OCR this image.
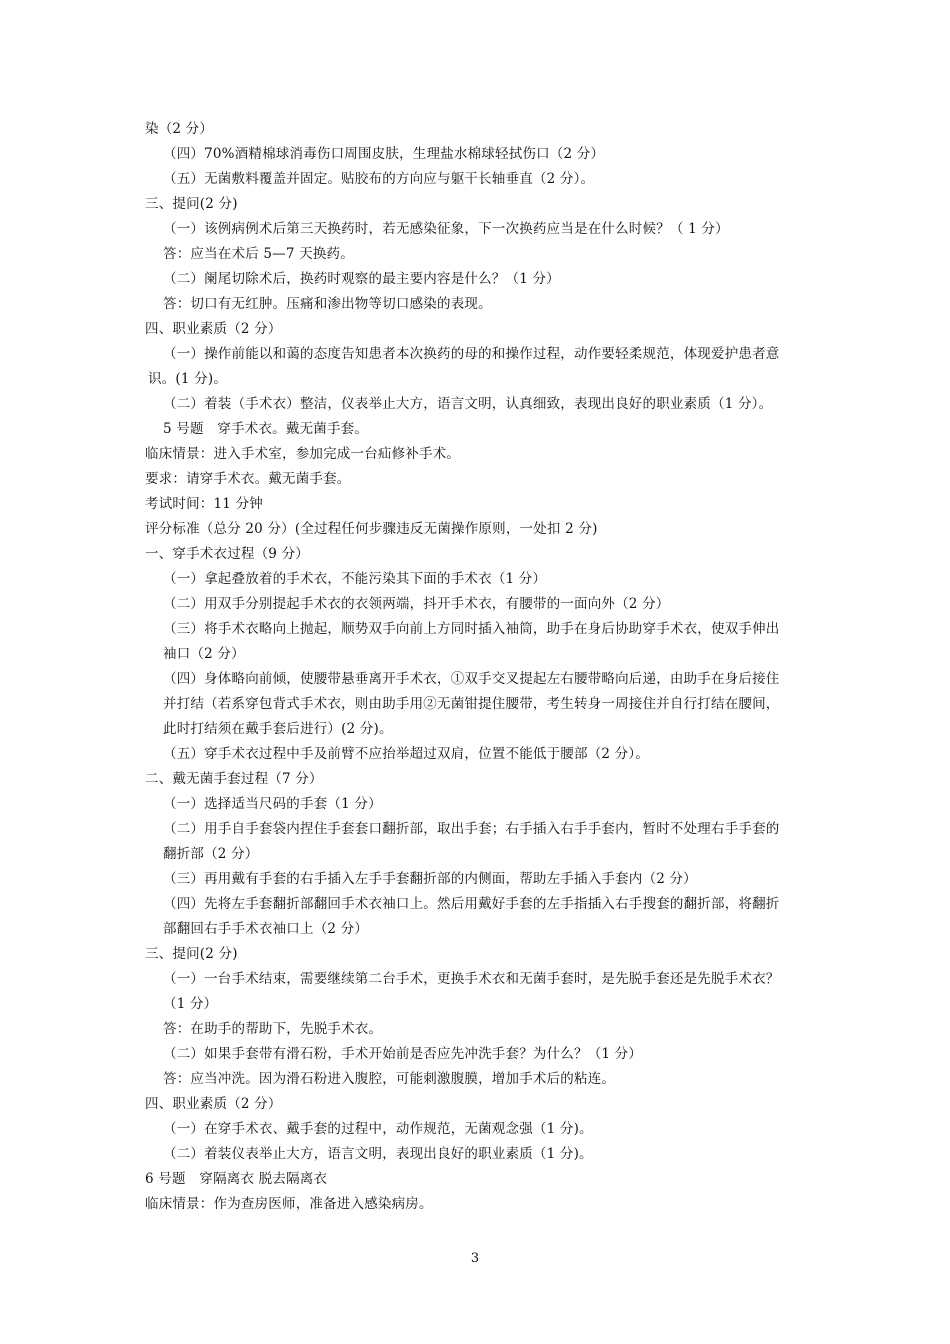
染（2 分）
（四）70%酒精棉球消毒伤口周围皮肤，生理盐水棉球轻拭伤口（2 分）
（五）无菌敷料覆盖并固定。贴胶布的方向应与躯干长轴垂直（2 分）。
三、提问(2 分)
（一）该例病例术后第三天换药时，若无感染征象，下一次换药应当是在什么时候？（ 1 分）
答：应当在术后 5—7 天换药。
（二）阑尾切除术后，换药时观察的最主要内容是什么？（1 分）
答：切口有无红肿。压痛和渗出物等切口感染的表现。
四、职业素质（2 分）
（一）操作前能以和蔼的态度告知患者本次换药的母的和操作过程，动作要轻柔规范，体现爱护患者意
识。(1 分)。
（二）着装（手术衣）整洁，仪表举止大方，语言文明，认真细致，表现出良好的职业素质（1 分）。
5 号题　穿手术衣。戴无菌手套。
临床情景：进入手术室，参加完成一台疝修补手术。
要求：请穿手术衣。戴无菌手套。
考试时间：11 分钟
评分标准（总分 20 分）(全过程任何步骤违反无菌操作原则，一处扣 2 分)
一、穿手术衣过程（9 分）
（一）拿起叠放着的手术衣，不能污染其下面的手术衣（1 分）
（二）用双手分别提起手术衣的衣领两端，抖开手术衣，有腰带的一面向外（2 分）
（三）将手术衣略向上抛起，顺势双手向前上方同时插入袖筒，助手在身后协助穿手术衣，使双手伸出
袖口（2 分）
（四）身体略向前倾，使腰带悬垂离开手术衣，①双手交叉提起左右腰带略向后递，由助手在身后接住
并打结（若系穿包背式手术衣，则由助手用②无菌钳提住腰带，考生转身一周接住并自行打结在腰间，
此时打结须在戴手套后进行）(2 分)。
（五）穿手术衣过程中手及前臂不应抬举超过双肩，位置不能低于腰部（2 分）。
二、戴无菌手套过程（7 分）
（一）选择适当尺码的手套（1 分）
（二）用手自手套袋内捏住手套套口翻折部，取出手套；右手插入右手手套内，暂时不处理右手手套的
翻折部（2 分）
（三）再用戴有手套的右手插入左手手套翻折部的内侧面，帮助左手插入手套内（2 分）
（四）先将左手套翻折部翻回手术衣袖口上。然后用戴好手套的左手指插入右手搜套的翻折部，将翻折
部翻回右手手术衣袖口上（2 分）
三、提问(2 分)
（一）一台手术结束，需要继续第二台手术，更换手术衣和无菌手套时，是先脱手套还是先脱手术衣？
（1 分）
答：在助手的帮助下，先脱手术衣。
（二）如果手套带有滑石粉，手术开始前是否应先冲洗手套？为什么？（1 分）
答：应当冲洗。因为滑石粉进入腹腔，可能刺激腹膜，增加手术后的粘连。
四、职业素质（2 分）
（一）在穿手术衣、戴手套的过程中，动作规范，无菌观念强（1 分)。
（二）着装仪表举止大方，语言文明，表现出良好的职业素质（1 分)。
6 号题　穿隔离衣 脱去隔离衣
临床情景：作为查房医师，准备进入感染病房。
3
